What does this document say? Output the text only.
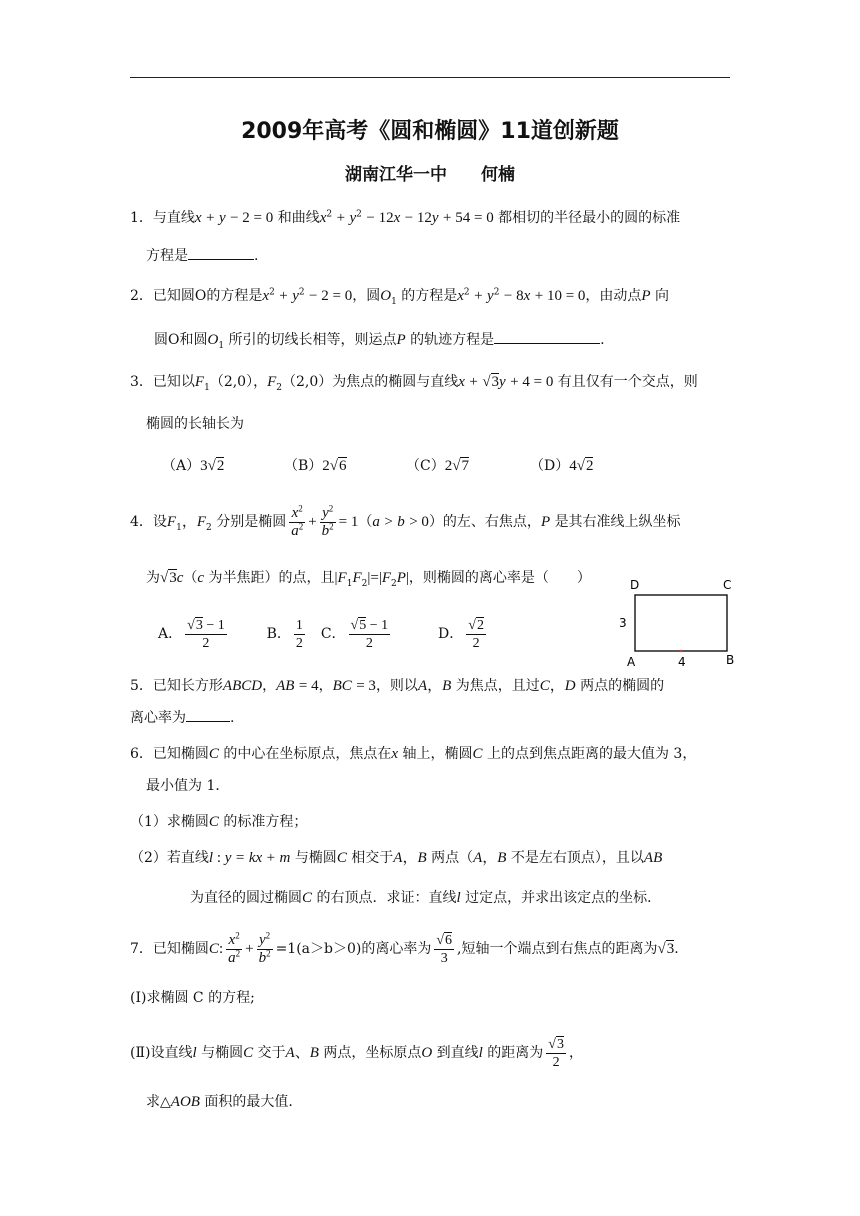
2009年高考《圆和椭圆》11道创新题
湖南江华一中 何楠
1．与直线x + y − 2 = 0 和曲线$x^2 + y^2 - 12x - 12y + 54 = 0$ 都相切的半径最小的圆的标准
方程是	.
2．已知圆O的方程是$x^2 + y^2 - 2 = 0$，圆$O_1$ 的方程是$x^2 + y^2 - 8x + 10 = 0$，由动点P 向
圆O和圆$O_1$ 所引的切线长相等，则运点P 的轨迹方程是	.
3．已知以$F_1(2,0)$，$F_2(2,0)$为焦点的椭圆与直线x + √3y + 4 = 0 有且仅有一个交点，则
椭圆的长轴长为
（A）3√2	（B）2√6	（C）2√7	（D）4√2
4．设$F_1$，$F_2$ 分别是椭圆 $\frac{x^2}{a^2} + \frac{y^2}{b^2} = 1(a > b > 0)$的左、右焦点，P 是其右准线上纵坐标
为√3c（c 为半焦距）的点，且$|F_1F_2|=|F_2P|$，则椭圆的离心率是（　　）
A． $\frac{√3 - 1}{2}$	B． $\frac{1}{2}$ C． $\frac{√5 - 1}{2}$	D． $\frac{√2}{2}$
D	C
A	B
3
4
5．已知长方形ABCD，AB = 4，BC = 3，则以A，B 为焦点，且过C，D 两点的椭圆的
离心率为	.
6．已知椭圆C 的中心在坐标原点，焦点在x 轴上，椭圆C 上的点到焦点距离的最大值为 3，
最小值为 1．
（1）求椭圆C 的标准方程；
（2）若直线l : y = kx + m 与椭圆C 相交于A，B 两点（A，B 不是左右顶点），且以AB
为直径的圆过椭圆C 的右顶点．求证：直线l 过定点，并求出该定点的坐标．
7．已知椭圆C: $\frac{x^2}{a^2} + \frac{y^2}{b^2} =1(a>b>0)$的离心率为 $\frac{√6}{3}$ ,短轴一个端点到右焦点的距离为√3.
(Ⅰ)求椭圆 C 的方程;
(Ⅱ)设直线l 与椭圆C 交于A、B 两点，坐标原点O 到直线l 的距离为 $\frac{√3}{2}$ ，
求△AOB 面积的最大值.
